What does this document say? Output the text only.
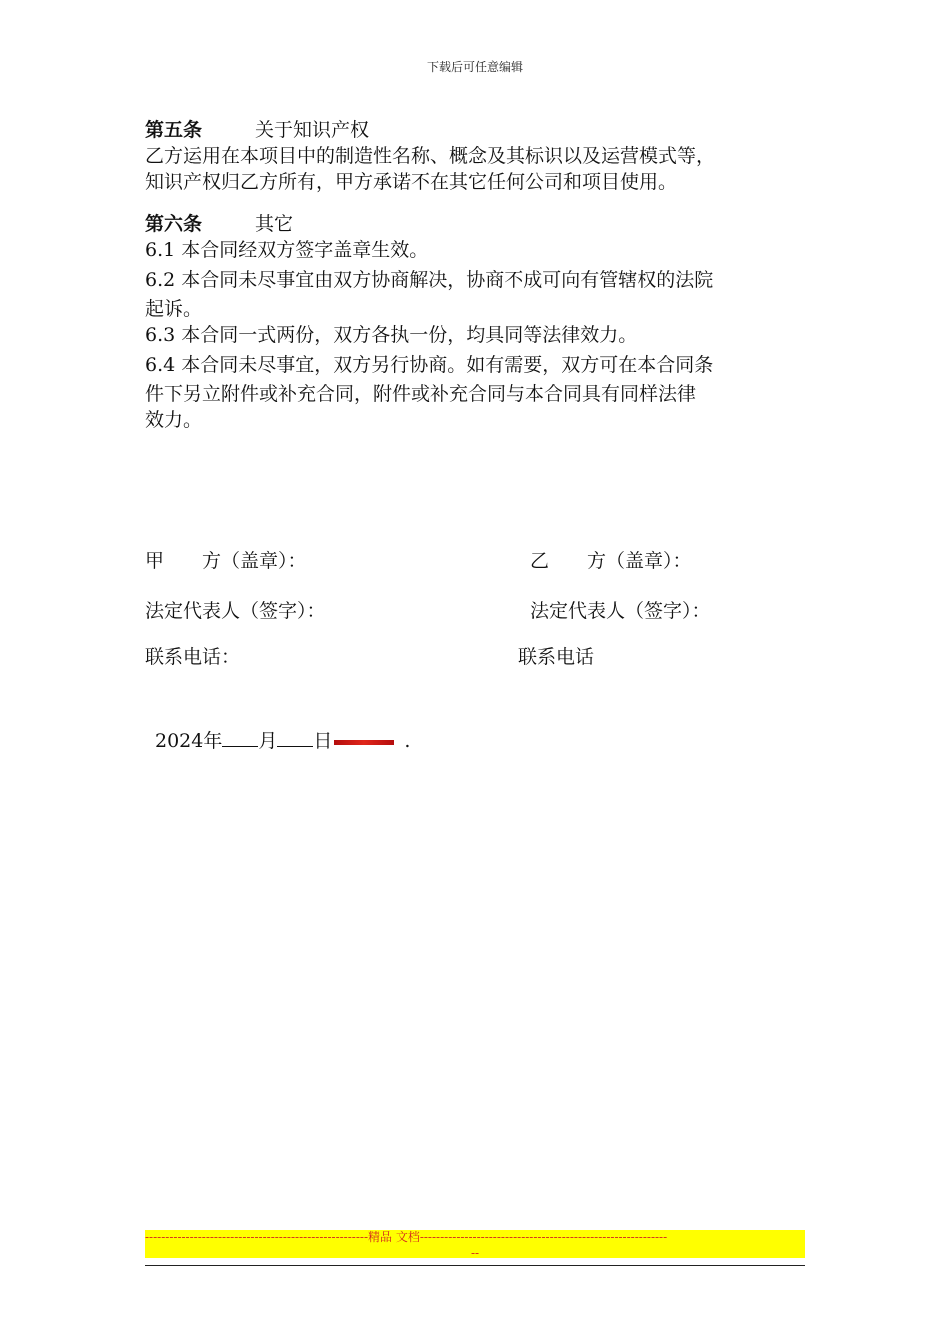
下载后可任意编辑
第五条	关于知识产权
乙方运用在本项目中的制造性名称、概念及其标识以及运营模式等，
知识产权归乙方所有，甲方承诺不在其它任何公司和项目使用。
第六条	其它
6.1 本合同经双方签字盖章生效。
6.2 本合同未尽事宜由双方协商解决，协商不成可向有管辖权的法院
起诉。
6.3 本合同一式两份，双方各执一份，均具同等法律效力。
6.4 本合同未尽事宜，双方另行协商。如有需要，双方可在本合同条
件下另立附件或补充合同，附件或补充合同与本合同具有同样法律
效力。
甲　　方（盖章）：	乙　　方（盖章）：
法定代表人（签字）：	法定代表人（签字）：
联系电话：	联系电话
2024年 月 日	.
-------------------------------------------------------精品 文档-------------------------------------------------------------
--
